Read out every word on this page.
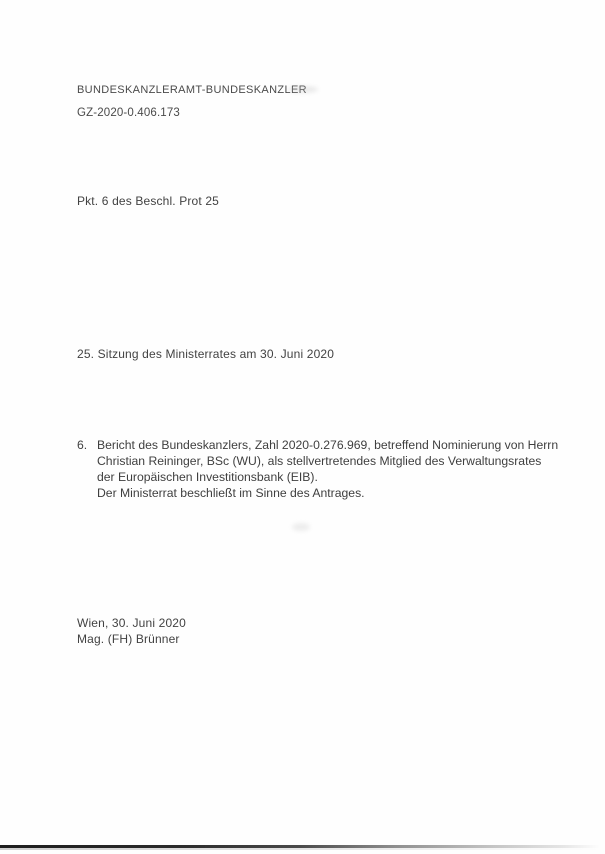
BUNDESKANZLERAMT-BUNDESKANZLER
GZ-2020-0.406.173
Pkt. 6 des Beschl. Prot 25
25. Sitzung des Ministerrates am 30. Juni 2020
6. Bericht des Bundeskanzlers, Zahl 2020-0.276.969, betreffend Nominierung von Herrn
Christian Reininger, BSc (WU), als stellvertretendes Mitglied des Verwaltungsrates
der Europäischen Investitionsbank (EIB).
Der Ministerrat beschließt im Sinne des Antrages.
Wien, 30. Juni 2020
Mag. (FH) Brünner
